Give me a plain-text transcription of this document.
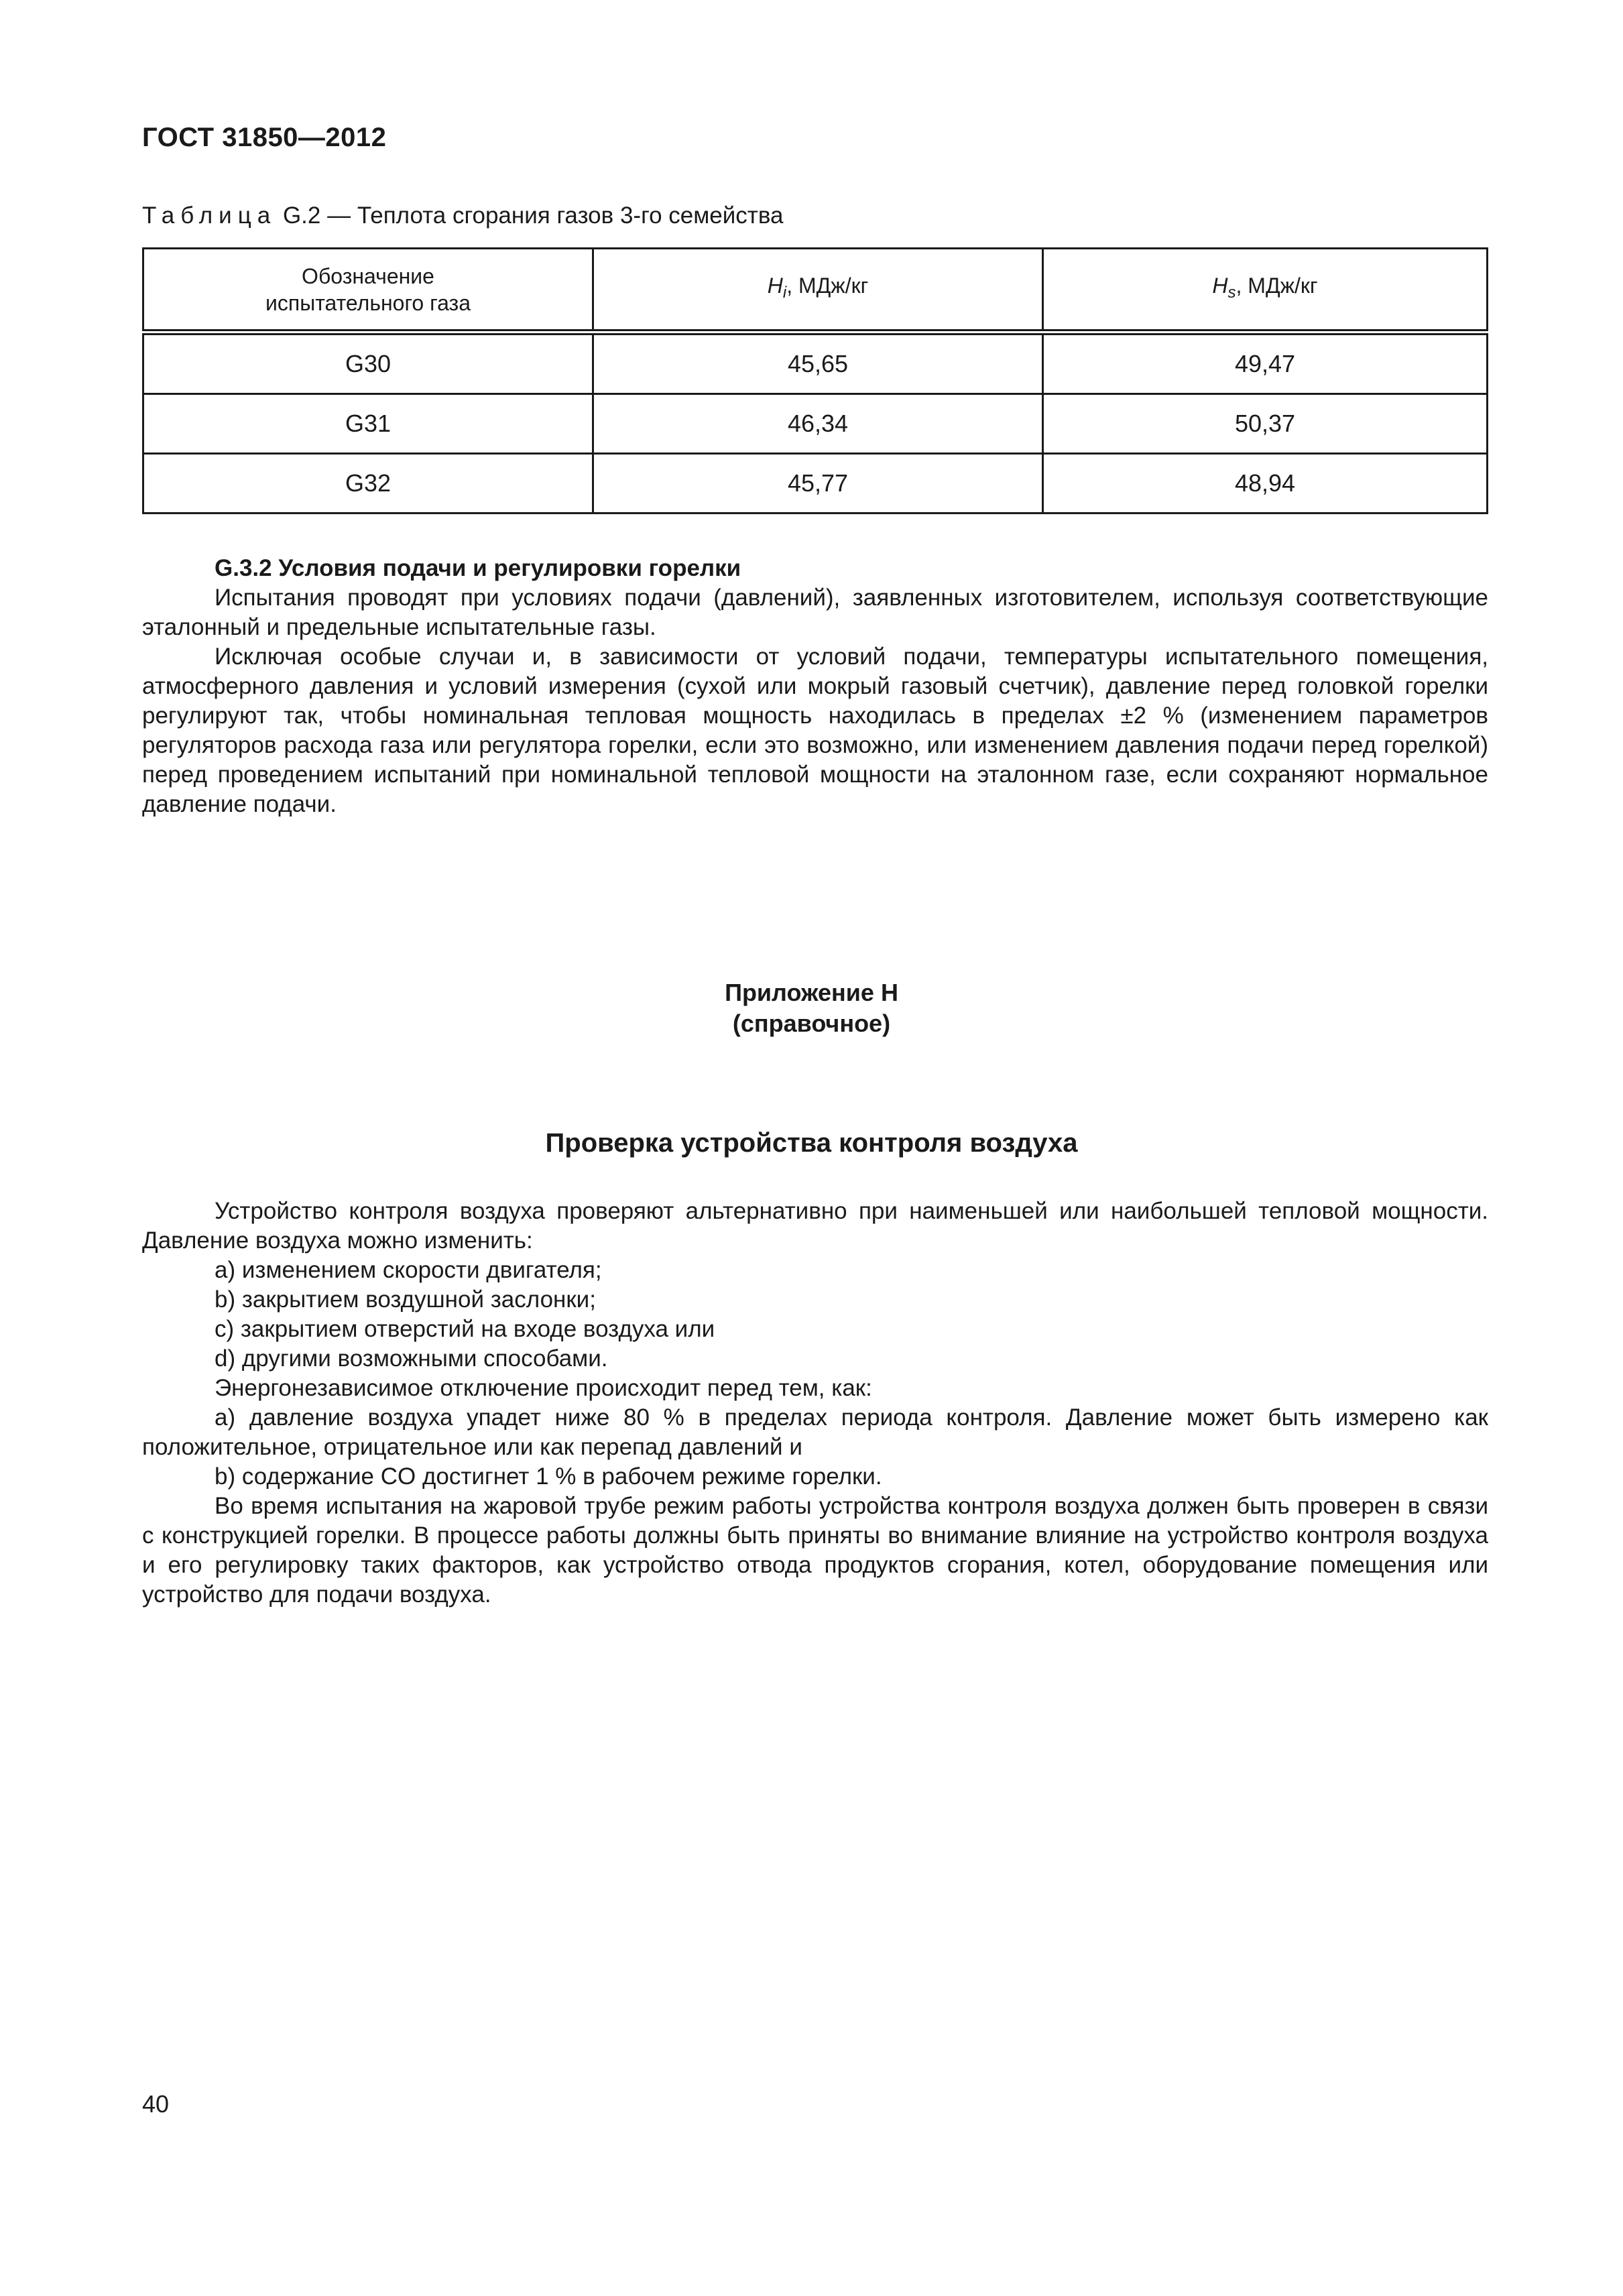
ГОСТ 31850—2012
Таблица G.2 — Теплота сгорания газов 3-го семейства
Обозначение
испытательного газа	$H_i$, МДж/кг	$H_s$, МДж/кг
G30	45,65	49,47
G31	46,34	50,37
G32	45,77	48,94

G.3.2 Условия подачи и регулировки горелки

Испытания проводят при условиях подачи (давлений), заявленных изготовителем, используя соответствующие эталонный и предельные испытательные газы.

Исключая особые случаи и, в зависимости от условий подачи, температуры испытательного помещения, атмосферного давления и условий измерения (сухой или мокрый газовый счетчик), давление перед головкой горелки регулируют так, чтобы номинальная тепловая мощность находилась в пределах ±2 % (изменением параметров регуляторов расхода газа или регулятора горелки, если это возможно, или изменением давления подачи перед горелкой) перед проведением испытаний при номинальной тепловой мощности на эталонном газе, если сохраняют нормальное давление подачи.

Приложение H
(справочное)
Проверка устройства контроля воздуха

Устройство контроля воздуха проверяют альтернативно при наименьшей или наибольшей тепловой мощности. Давление воздуха можно изменить:

a) изменением скорости двигателя;

b) закрытием воздушной заслонки;

c) закрытием отверстий на входе воздуха или

d) другими возможными способами.

Энергонезависимое отключение происходит перед тем, как:

a) давление воздуха упадет ниже 80 % в пределах периода контроля. Давление может быть измерено как положительное, отрицательное или как перепад давлений и

b) содержание CO достигнет 1 % в рабочем режиме горелки.

Во время испытания на жаровой трубе режим работы устройства контроля воздуха должен быть проверен в связи с конструкцией горелки. В процессе работы должны быть приняты во внимание влияние на устройство контроля воздуха и его регулировку таких факторов, как устройство отвода продуктов сгорания, котел, оборудование помещения или устройство для подачи воздуха.

40
